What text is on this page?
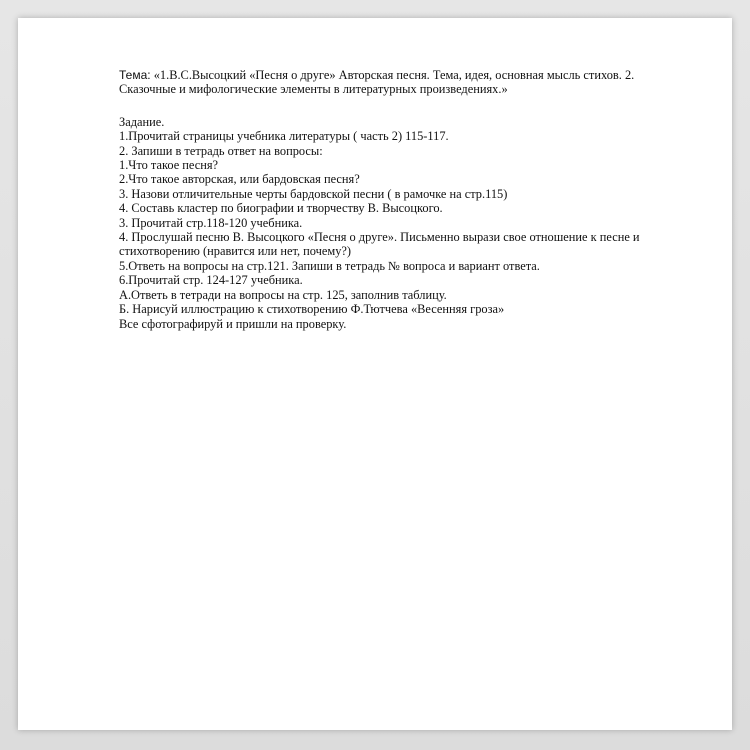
Тема: «1.В.С.Высоцкий «Песня о друге» Авторская песня. Тема, идея, основная мысль стихов. 2.

Сказочные и мифологические элементы в литературных произведениях.»

Задание.

1.Прочитай страницы учебника литературы ( часть 2) 115-117.

2. Запиши в тетрадь ответ на вопросы:

1.Что такое песня?

2.Что такое авторская, или бардовская песня?

3. Назови отличительные черты бардовской песни ( в рамочке на стр.115)

4. Составь кластер по биографии и творчеству В. Высоцкого.

3. Прочитай стр.118-120 учебника.

4. Прослушай песню В. Высоцкого «Песня о друге». Письменно вырази свое отношение к песне и

стихотворению (нравится или нет, почему?)

5.Ответь на вопросы на стр.121. Запиши в тетрадь № вопроса и вариант ответа.

6.Прочитай стр. 124-127 учебника.

А.Ответь в тетради на вопросы на стр. 125, заполнив таблицу.

Б. Нарисуй иллюстрацию к стихотворению Ф.Тютчева «Весенняя гроза»

Все сфотографируй и пришли на проверку.
